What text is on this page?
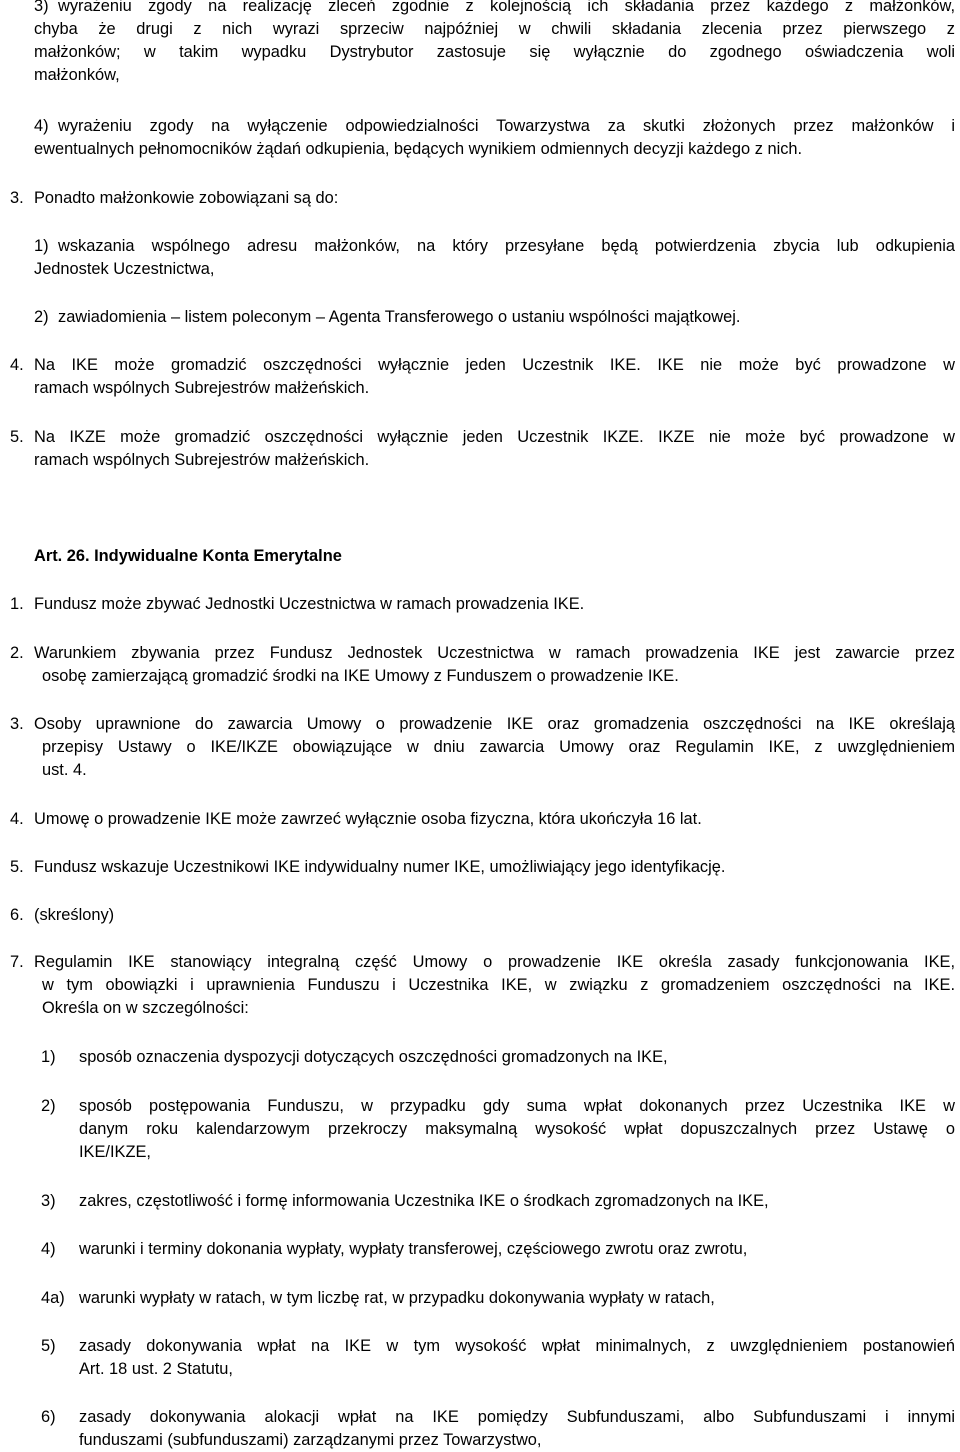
3) wyrażeniu zgody na realizację zleceń zgodnie z kolejnością ich składania przez każdego z małżonków,
chyba że drugi z nich wyrazi sprzeciw najpóźniej w chwili składania zlecenia przez pierwszego z
małżonków; w takim wypadku Dystrybutor zastosuje się wyłącznie do zgodnego oświadczenia woli
małżonków,
4) wyrażeniu zgody na wyłączenie odpowiedzialności Towarzystwa za skutki złożonych przez małżonków i
ewentualnych pełnomocników żądań odkupienia, będących wynikiem odmiennych decyzji każdego z nich.
3. Ponadto małżonkowie zobowiązani są do:
1) wskazania wspólnego adresu małżonków, na który przesyłane będą potwierdzenia zbycia lub odkupienia
Jednostek Uczestnictwa,
2) zawiadomienia – listem poleconym – Agenta Transferowego o ustaniu wspólności majątkowej.
4. Na IKE może gromadzić oszczędności wyłącznie jeden Uczestnik IKE. IKE nie może być prowadzone w
ramach wspólnych Subrejestrów małżeńskich.
5. Na IKZE może gromadzić oszczędności wyłącznie jeden Uczestnik IKZE. IKZE nie może być prowadzone w
ramach wspólnych Subrejestrów małżeńskich.
Art. 26. Indywidualne Konta Emerytalne
1. Fundusz może zbywać Jednostki Uczestnictwa w ramach prowadzenia IKE.
2. Warunkiem zbywania przez Fundusz Jednostek Uczestnictwa w ramach prowadzenia IKE jest zawarcie przez
osobę zamierzającą gromadzić środki na IKE Umowy z Funduszem o prowadzenie IKE.
3. Osoby uprawnione do zawarcia Umowy o prowadzenie IKE oraz gromadzenia oszczędności na IKE określają
przepisy Ustawy o IKE/IKZE obowiązujące w dniu zawarcia Umowy oraz Regulamin IKE, z uwzględnieniem
ust. 4.
4. Umowę o prowadzenie IKE może zawrzeć wyłącznie osoba fizyczna, która ukończyła 16 lat.
5. Fundusz wskazuje Uczestnikowi IKE indywidualny numer IKE, umożliwiający jego identyfikację.
6. (skreślony)
7. Regulamin IKE stanowiący integralną część Umowy o prowadzenie IKE określa zasady funkcjonowania IKE,
w tym obowiązki i uprawnienia Funduszu i Uczestnika IKE, w związku z gromadzeniem oszczędności na IKE.
Określa on w szczególności:
1) sposób oznaczenia dyspozycji dotyczących oszczędności gromadzonych na IKE,
2) sposób postępowania Funduszu, w przypadku gdy suma wpłat dokonanych przez Uczestnika IKE w
danym roku kalendarzowym przekroczy maksymalną wysokość wpłat dopuszczalnych przez Ustawę o
IKE/IKZE,
3) zakres, częstotliwość i formę informowania Uczestnika IKE o środkach zgromadzonych na IKE,
4) warunki i terminy dokonania wypłaty, wypłaty transferowej, częściowego zwrotu oraz zwrotu,
4a) warunki wypłaty w ratach, w tym liczbę rat, w przypadku dokonywania wypłaty w ratach,
5) zasady dokonywania wpłat na IKE w tym wysokość wpłat minimalnych, z uwzględnieniem postanowień
Art. 18 ust. 2 Statutu,
6) zasady dokonywania alokacji wpłat na IKE pomiędzy Subfunduszami, albo Subfunduszami i innymi
funduszami (subfunduszami) zarządzanymi przez Towarzystwo,
